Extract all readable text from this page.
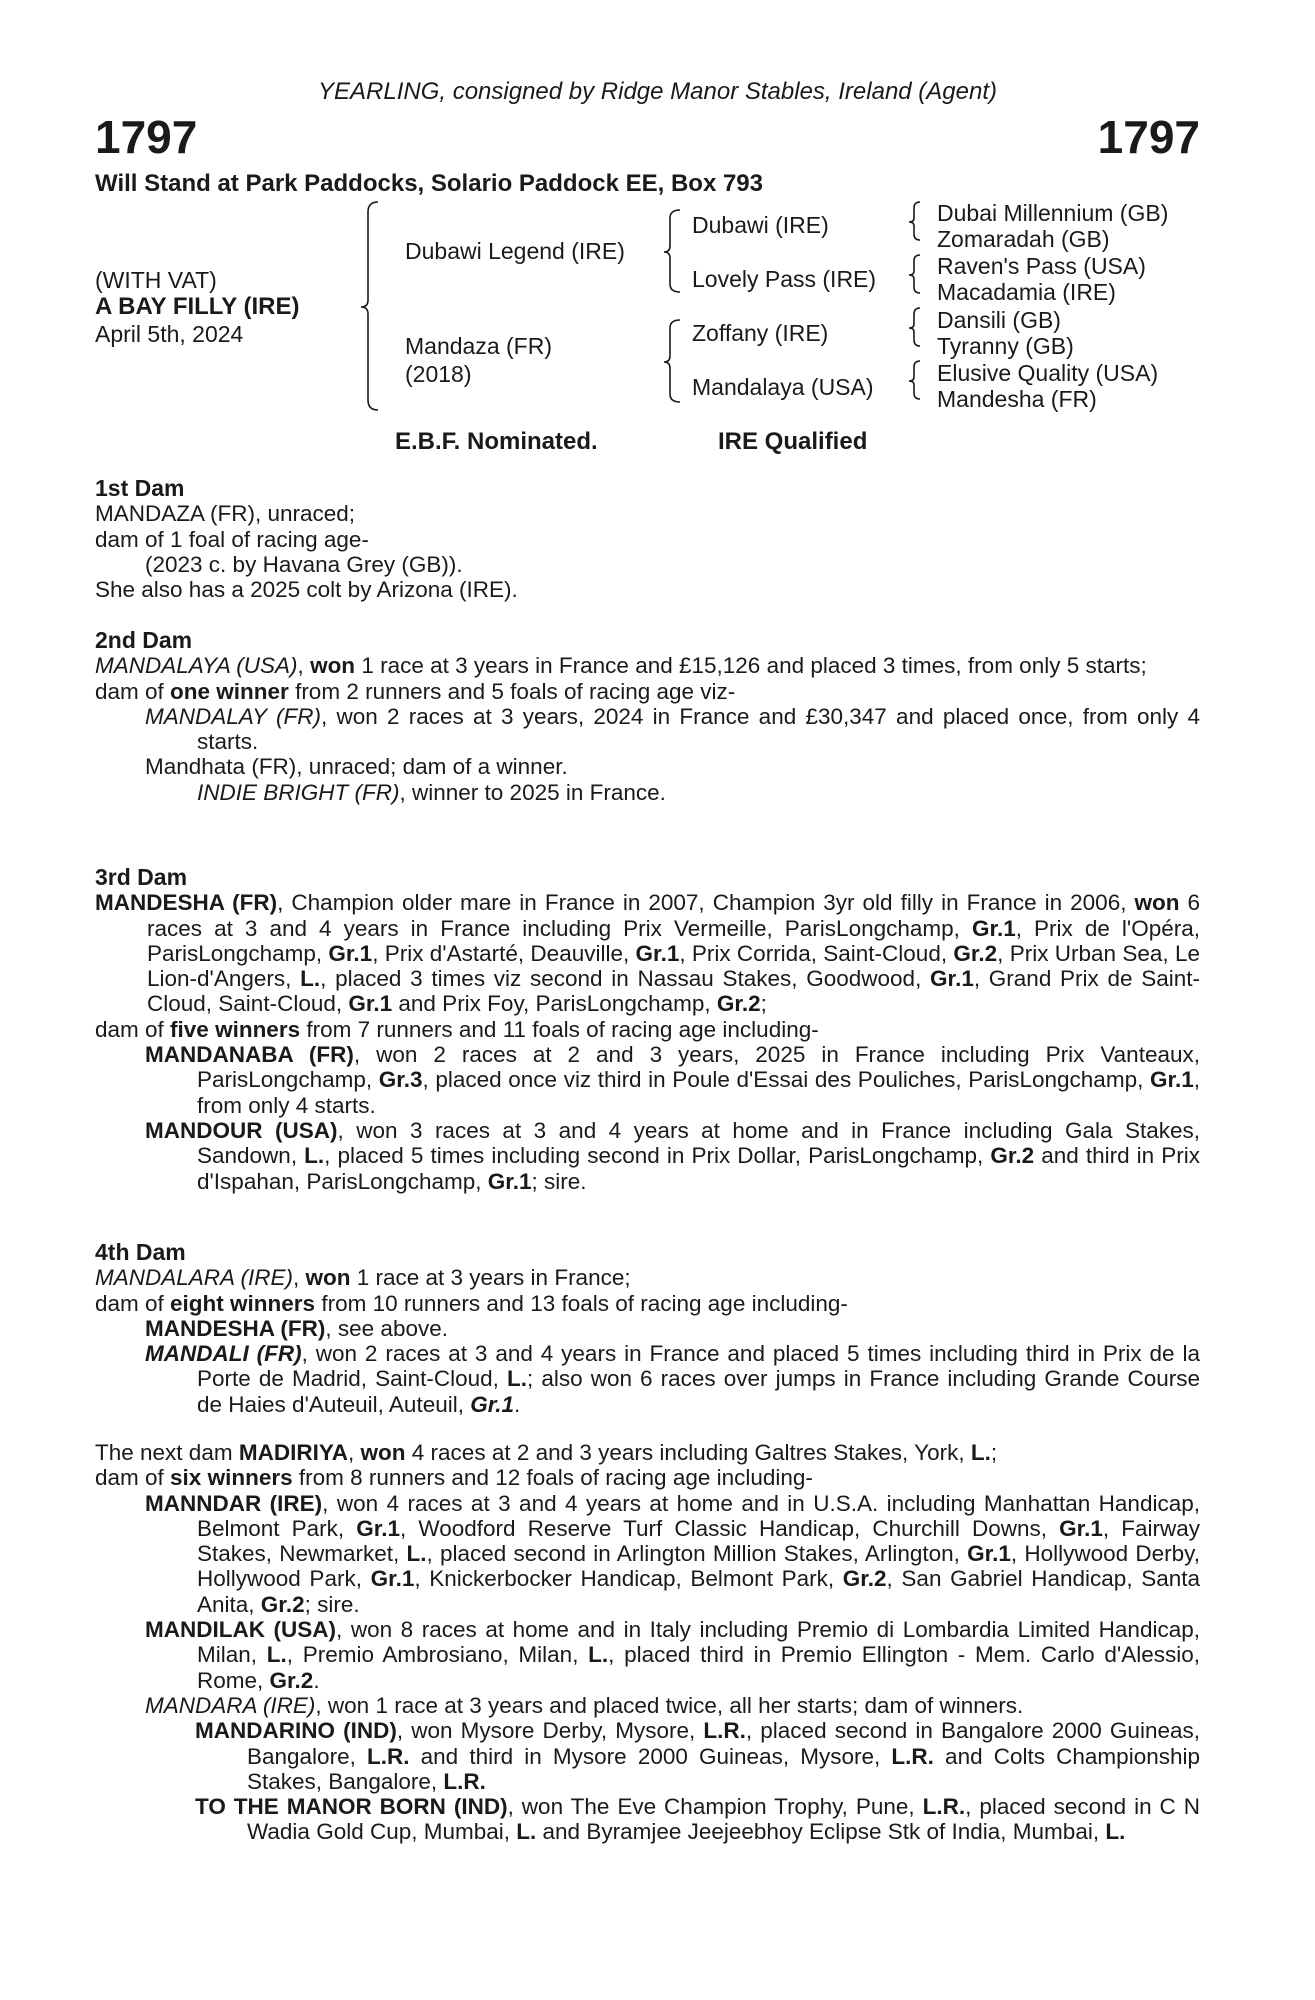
YEARLING, consigned by Ridge Manor Stables, Ireland (Agent)
1797	1797
Will Stand at Park Paddocks, Solario Paddock EE, Box 793
(WITH VAT)
A BAY FILLY (IRE)
April 5th, 2024
Dubawi Legend (IRE)
Mandaza (FR)
(2018)
Dubawi (IRE)
Lovely Pass (IRE)
Zoffany (IRE)
Mandalaya (USA)
Dubai Millennium (GB)
Zomaradah (GB)
Raven's Pass (USA)
Macadamia (IRE)
Dansili (GB)
Tyranny (GB)
Elusive Quality (USA)
Mandesha (FR)
E.B.F. Nominated.	IRE Qualified

1st Dam

MANDAZA (FR), unraced;

dam of 1 foal of racing age-

(2023 c. by Havana Grey (GB)).

She also has a 2025 colt by Arizona (IRE).

2nd Dam

MANDALAYA (USA), won 1 race at 3 years in France and £15,126 and placed 3 times, from only 5 starts;

dam of one winner from 2 runners and 5 foals of racing age viz-

MANDALAY (FR), won 2 races at 3 years, 2024 in France and £30,347 and placed once, from only 4 starts.

Mandhata (FR), unraced; dam of a winner.

INDIE BRIGHT (FR), winner to 2025 in France.

3rd Dam

MANDESHA (FR), Champion older mare in France in 2007, Champion 3yr old filly in France in 2006, won 6 races at 3 and 4 years in France including Prix Vermeille, ParisLongchamp, Gr.1, Prix de l'Opéra, ParisLongchamp, Gr.1, Prix d'Astarté, Deauville, Gr.1, Prix Corrida, Saint-Cloud, Gr.2, Prix Urban Sea, Le Lion-d'Angers, L., placed 3 times viz second in Nassau Stakes, Goodwood, Gr.1, Grand Prix de Saint-Cloud, Saint-Cloud, Gr.1 and Prix Foy, ParisLongchamp, Gr.2;

dam of five winners from 7 runners and 11 foals of racing age including-

MANDANABA (FR), won 2 races at 2 and 3 years, 2025 in France including Prix Vanteaux, ParisLongchamp, Gr.3, placed once viz third in Poule d'Essai des Pouliches, ParisLongchamp, Gr.1, from only 4 starts.

MANDOUR (USA), won 3 races at 3 and 4 years at home and in France including Gala Stakes, Sandown, L., placed 5 times including second in Prix Dollar, ParisLongchamp, Gr.2 and third in Prix d'Ispahan, ParisLongchamp, Gr.1; sire.

4th Dam

MANDALARA (IRE), won 1 race at 3 years in France;

dam of eight winners from 10 runners and 13 foals of racing age including-

MANDESHA (FR), see above.

MANDALI (FR), won 2 races at 3 and 4 years in France and placed 5 times including third in Prix de la Porte de Madrid, Saint-Cloud, L.; also won 6 races over jumps in France including Grande Course de Haies d'Auteuil, Auteuil, Gr.1.

The next dam MADIRIYA, won 4 races at 2 and 3 years including Galtres Stakes, York, L.;

dam of six winners from 8 runners and 12 foals of racing age including-

MANNDAR (IRE), won 4 races at 3 and 4 years at home and in U.S.A. including Manhattan Handicap, Belmont Park, Gr.1, Woodford Reserve Turf Classic Handicap, Churchill Downs, Gr.1, Fairway Stakes, Newmarket, L., placed second in Arlington Million Stakes, Arlington, Gr.1, Hollywood Derby, Hollywood Park, Gr.1, Knickerbocker Handicap, Belmont Park, Gr.2, San Gabriel Handicap, Santa Anita, Gr.2; sire.

MANDILAK (USA), won 8 races at home and in Italy including Premio di Lombardia Limited Handicap, Milan, L., Premio Ambrosiano, Milan, L., placed third in Premio Ellington - Mem. Carlo d'Alessio, Rome, Gr.2.

MANDARA (IRE), won 1 race at 3 years and placed twice, all her starts; dam of winners.

MANDARINO (IND), won Mysore Derby, Mysore, L.R., placed second in Bangalore 2000 Guineas, Bangalore, L.R. and third in Mysore 2000 Guineas, Mysore, L.R. and Colts Championship Stakes, Bangalore, L.R.

TO THE MANOR BORN (IND), won The Eve Champion Trophy, Pune, L.R., placed second in C N Wadia Gold Cup, Mumbai, L. and Byramjee Jeejeebhoy Eclipse Stk of India, Mumbai, L.
